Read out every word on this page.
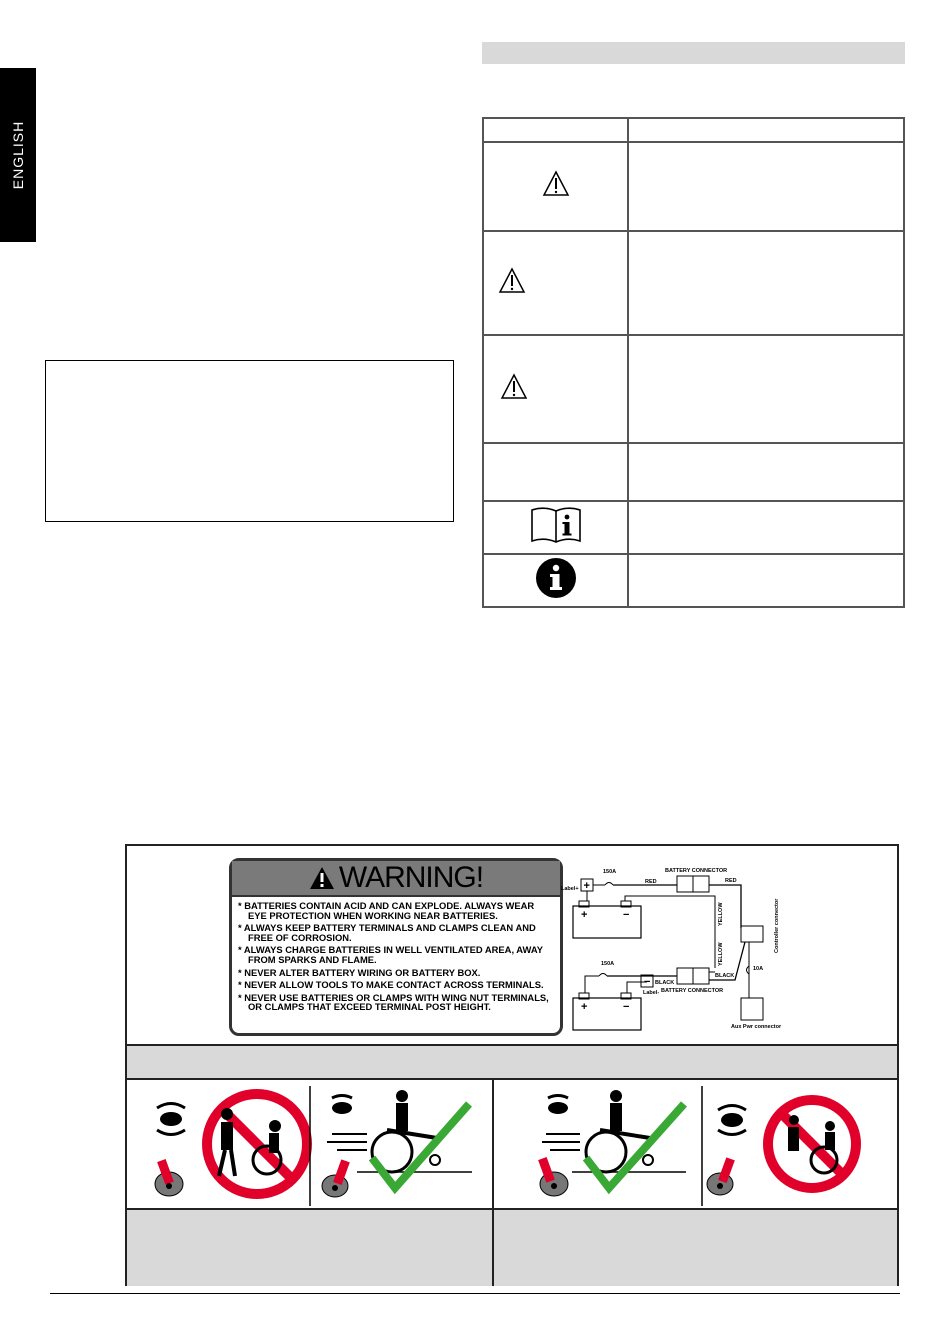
ENGLISH

WARNING!
* BATTERIES CONTAIN ACID AND CAN EXPLODE. ALWAYS WEAR EYE PROTECTION WHEN WORKING NEAR BATTERIES.
* ALWAYS KEEP BATTERY TERMINALS AND CLAMPS CLEAN AND FREE OF CORROSION.
* ALWAYS CHARGE BATTERIES IN WELL VENTILATED AREA, AWAY FROM SPARKS AND FLAME.
* NEVER ALTER BATTERY WIRING OR BATTERY BOX.
* NEVER ALLOW TOOLS TO MAKE CONTACT ACROSS TERMINALS.
* NEVER USE BATTERIES OR CLAMPS WITH WING NUT TERMINALS, OR CLAMPS THAT EXCEED TERMINAL POST HEIGHT.
+	−
+
Label+
150A
RED
BATTERY CONNECTOR
RED
YELLOW	Controller connector
+	−
−
Label-
BLACK
150A
BATTERY CONNECTOR
YELLOW
BLACK
10A
Aux Pwr connector
